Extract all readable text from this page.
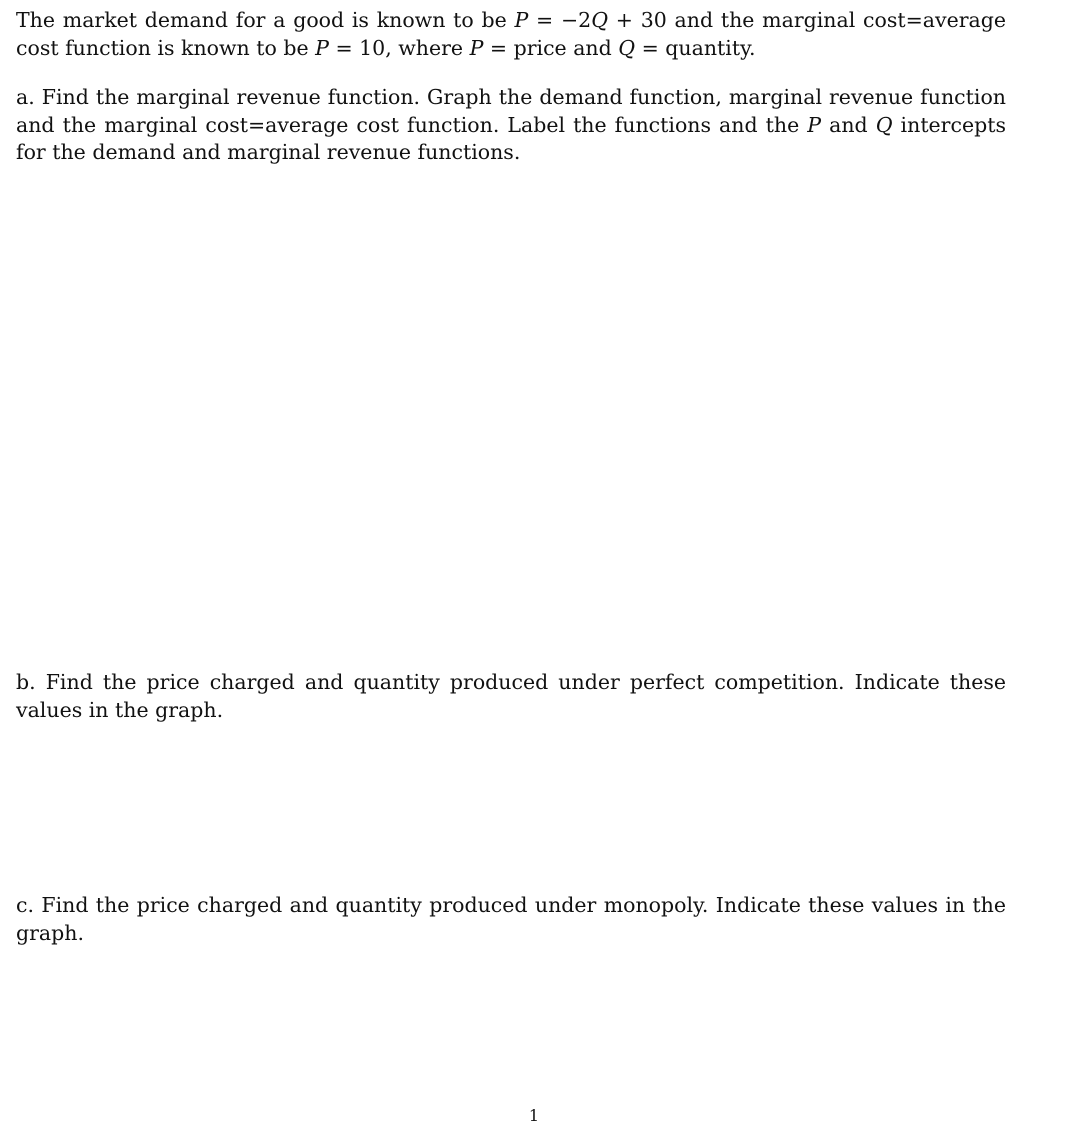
The market demand for a good is known to be P = −2Q + 30 and the marginal cost=average cost function is known to be P = 10, where P = price and Q = quantity.

a. Find the marginal revenue function. Graph the demand function, marginal revenue function and the marginal cost=average cost function. Label the functions and the P and Q intercepts for the demand and marginal revenue functions.

b. Find the price charged and quantity produced under perfect competition. Indicate these values in the graph.

c. Find the price charged and quantity produced under monopoly. Indicate these values in the graph.

1
